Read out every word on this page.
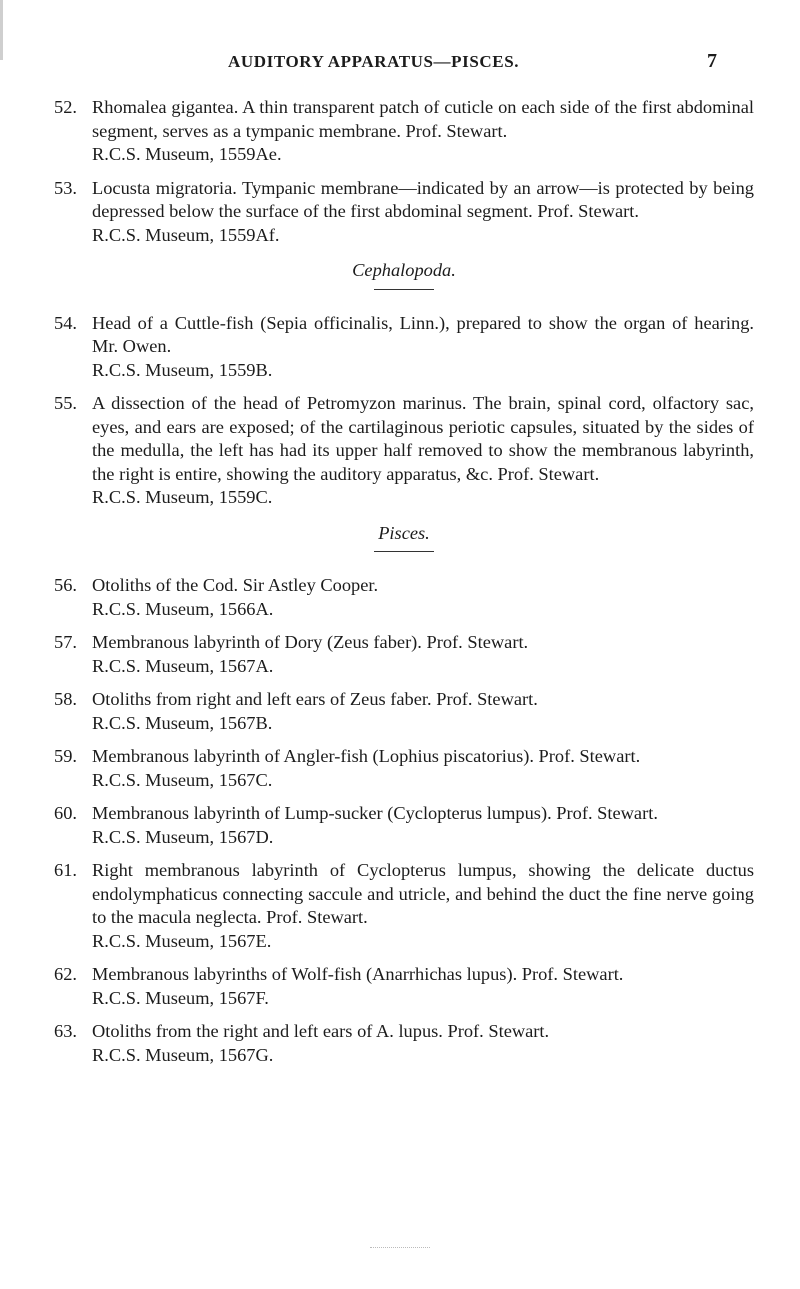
AUDITORY APPARATUS—PISCES.	7
52. Rhomalea gigantea. A thin transparent patch of cuticle on each side of the first abdominal segment, serves as a tympanic membrane. Prof. Stewart.
R.C.S. Museum, 1559Ae.
53. Locusta migratoria. Tympanic membrane—indicated by an arrow—is protected by being depressed below the surface of the first abdominal segment. Prof. Stewart.
R.C.S. Museum, 1559Af.
Cephalopoda.
54. Head of a Cuttle-fish (Sepia officinalis, Linn.), prepared to show the organ of hearing. Mr. Owen.
R.C.S. Museum, 1559B.
55. A dissection of the head of Petromyzon marinus. The brain, spinal cord, olfactory sac, eyes, and ears are exposed; of the cartilaginous periotic capsules, situated by the sides of the medulla, the left has had its upper half removed to show the membranous labyrinth, the right is entire, showing the auditory apparatus, &c. Prof. Stewart.
R.C.S. Museum, 1559C.
Pisces.
56. Otoliths of the Cod. Sir Astley Cooper.
R.C.S. Museum, 1566A.
57. Membranous labyrinth of Dory (Zeus faber). Prof. Stewart.
R.C.S. Museum, 1567A.
58. Otoliths from right and left ears of Zeus faber. Prof. Stewart.
R.C.S. Museum, 1567B.
59. Membranous labyrinth of Angler-fish (Lophius piscatorius). Prof. Stewart.
R.C.S. Museum, 1567C.
60. Membranous labyrinth of Lump-sucker (Cyclopterus lumpus). Prof. Stewart.
R.C.S. Museum, 1567D.
61. Right membranous labyrinth of Cyclopterus lumpus, showing the delicate ductus endolymphaticus connecting saccule and utricle, and behind the duct the fine nerve going to the macula neglecta. Prof. Stewart.
R.C.S. Museum, 1567E.
62. Membranous labyrinths of Wolf-fish (Anarrhichas lupus). Prof. Stewart.
R.C.S. Museum, 1567F.
63. Otoliths from the right and left ears of A. lupus. Prof. Stewart.
R.C.S. Museum, 1567G.
